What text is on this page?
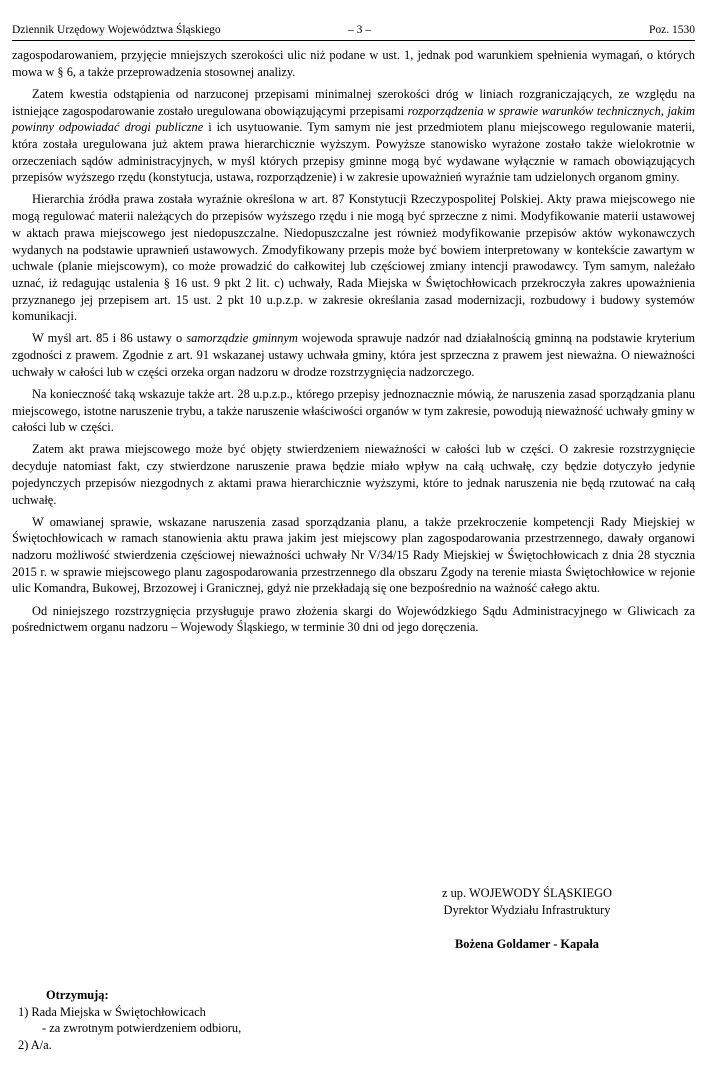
Dziennik Urzędowy Województwa Śląskiego	– 3 –	Poz. 1530

zagospodarowaniem, przyjęcie mniejszych szerokości ulic niż podane w ust. 1, jednak pod warunkiem spełnienia wymagań, o których mowa w § 6, a także przeprowadzenia stosownej analizy.

Zatem kwestia odstąpienia od narzuconej przepisami minimalnej szerokości dróg w liniach rozgraniczających, ze względu na istniejące zagospodarowanie zostało uregulowana obowiązującymi przepisami rozporządzenia w sprawie warunków technicznych, jakim powinny odpowiadać drogi publiczne i ich usytuowanie. Tym samym nie jest przedmiotem planu miejscowego regulowanie materii, która została uregulowana już aktem prawa hierarchicznie wyższym. Powyższe stanowisko wyrażone zostało także wielokrotnie w orzeczeniach sądów administracyjnych, w myśl których przepisy gminne mogą być wydawane wyłącznie w ramach obowiązujących przepisów wyższego rzędu (konstytucja, ustawa, rozporządzenie) i w zakresie upoważnień wyraźnie tam udzielonych organom gminy.

Hierarchia źródła prawa została wyraźnie określona w art. 87 Konstytucji Rzeczypospolitej Polskiej. Akty prawa miejscowego nie mogą regulować materii należących do przepisów wyższego rzędu i nie mogą być sprzeczne z nimi. Modyfikowanie materii ustawowej w aktach prawa miejscowego jest niedopuszczalne. Niedopuszczalne jest również modyfikowanie przepisów aktów wykonawczych wydanych na podstawie uprawnień ustawowych. Zmodyfikowany przepis może być bowiem interpretowany w kontekście zawartym w uchwale (planie miejscowym), co może prowadzić do całkowitej lub częściowej zmiany intencji prawodawcy. Tym samym, należało uznać, iż redagując ustalenia § 16 ust. 9 pkt 2 lit. c) uchwały, Rada Miejska w Świętochłowicach przekroczyła zakres upoważnienia przyznanego jej przepisem art. 15 ust. 2 pkt 10 u.p.z.p. w zakresie określania zasad modernizacji, rozbudowy i budowy systemów komunikacji.

W myśl art. 85 i 86 ustawy o samorządzie gminnym wojewoda sprawuje nadzór nad działalnością gminną na podstawie kryterium zgodności z prawem. Zgodnie z art. 91 wskazanej ustawy uchwała gminy, która jest sprzeczna z prawem jest nieważna. O nieważności uchwały w całości lub w części orzeka organ nadzoru w drodze rozstrzygnięcia nadzorczego.

Na konieczność taką wskazuje także art. 28 u.p.z.p., którego przepisy jednoznacznie mówią, że naruszenia zasad sporządzania planu miejscowego, istotne naruszenie trybu, a także naruszenie właściwości organów w tym zakresie, powodują nieważność uchwały gminy w całości lub w części.

Zatem akt prawa miejscowego może być objęty stwierdzeniem nieważności w całości lub w części. O zakresie rozstrzygnięcie decyduje natomiast fakt, czy stwierdzone naruszenie prawa będzie miało wpływ na całą uchwałę, czy będzie dotyczyło jedynie pojedynczych przepisów niezgodnych z aktami prawa hierarchicznie wyższymi, które to jednak naruszenia nie będą rzutować na całą uchwałę.

W omawianej sprawie, wskazane naruszenia zasad sporządzania planu, a także przekroczenie kompetencji Rady Miejskiej w Świętochłowicach w ramach stanowienia aktu prawa jakim jest miejscowy plan zagospodarowania przestrzennego, dawały organowi nadzoru możliwość stwierdzenia częściowej nieważności uchwały Nr V/34/15 Rady Miejskiej w Świętochłowicach z dnia 28 stycznia 2015 r. w sprawie miejscowego planu zagospodarowania przestrzennego dla obszaru Zgody na terenie miasta Świętochłowice w rejonie ulic Komandra, Bukowej, Brzozowej i Granicznej, gdyż nie przekładają się one bezpośrednio na ważność całego aktu.

Od niniejszego rozstrzygnięcia przysługuje prawo złożenia skargi do Wojewódzkiego Sądu Administracyjnego w Gliwicach za pośrednictwem organu nadzoru – Wojewody Śląskiego, w terminie 30 dni od jego doręczenia.

z up. WOJEWODY ŚLĄSKIEGO
Dyrektor Wydziału Infrastruktury
Bożena Goldamer - Kapała
Otrzymują:
1) Rada Miejska w Świętochłowicach
- za zwrotnym potwierdzeniem odbioru,
2) A/a.
